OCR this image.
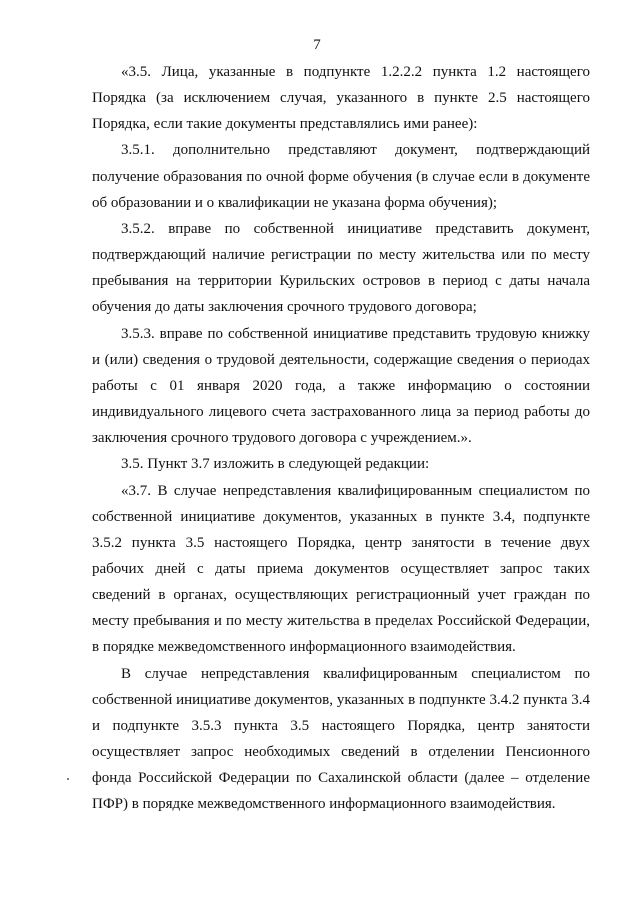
7

«3.5. Лица, указанные в подпункте 1.2.2.2 пункта 1.2 настоящего Порядка (за исключением случая, указанного в пункте 2.5 настоящего Порядка, если такие документы представлялись ими ранее):

3.5.1. дополнительно представляют документ, подтверждающий получение образования по очной форме обучения (в случае если в документе об образовании и о квалификации не указана форма обучения);

3.5.2. вправе по собственной инициативе представить документ, подтверждающий наличие регистрации по месту жительства или по месту пребывания на территории Курильских островов в период с даты начала обучения до даты заключения срочного трудового договора;

3.5.3. вправе по собственной инициативе представить трудовую книжку и (или) сведения о трудовой деятельности, содержащие сведения о периодах работы с 01 января 2020 года, а также информацию о состоянии индивидуального лицевого счета застрахованного лица за период работы до заключения срочного трудового договора с учреждением.».

3.5. Пункт 3.7 изложить в следующей редакции:

«3.7. В случае непредставления квалифицированным специалистом по собственной инициативе документов, указанных в пункте 3.4, подпункте 3.5.2 пункта 3.5 настоящего Порядка, центр занятости в течение двух рабочих дней с даты приема документов осуществляет запрос таких сведений в органах, осуществляющих регистрационный учет граждан по месту пребывания и по месту жительства в пределах Российской Федерации, в порядке межведомственного информационного взаимодействия.

В случае непредставления квалифицированным специалистом по собственной инициативе документов, указанных в подпункте 3.4.2 пункта 3.4 и подпункте 3.5.3 пункта 3.5 настоящего Порядка, центр занятости осуществляет запрос необходимых сведений в отделении Пенсионного фонда Российской Федерации по Сахалинской области (далее – отделение ПФР) в порядке межведомственного информационного взаимодействия.
